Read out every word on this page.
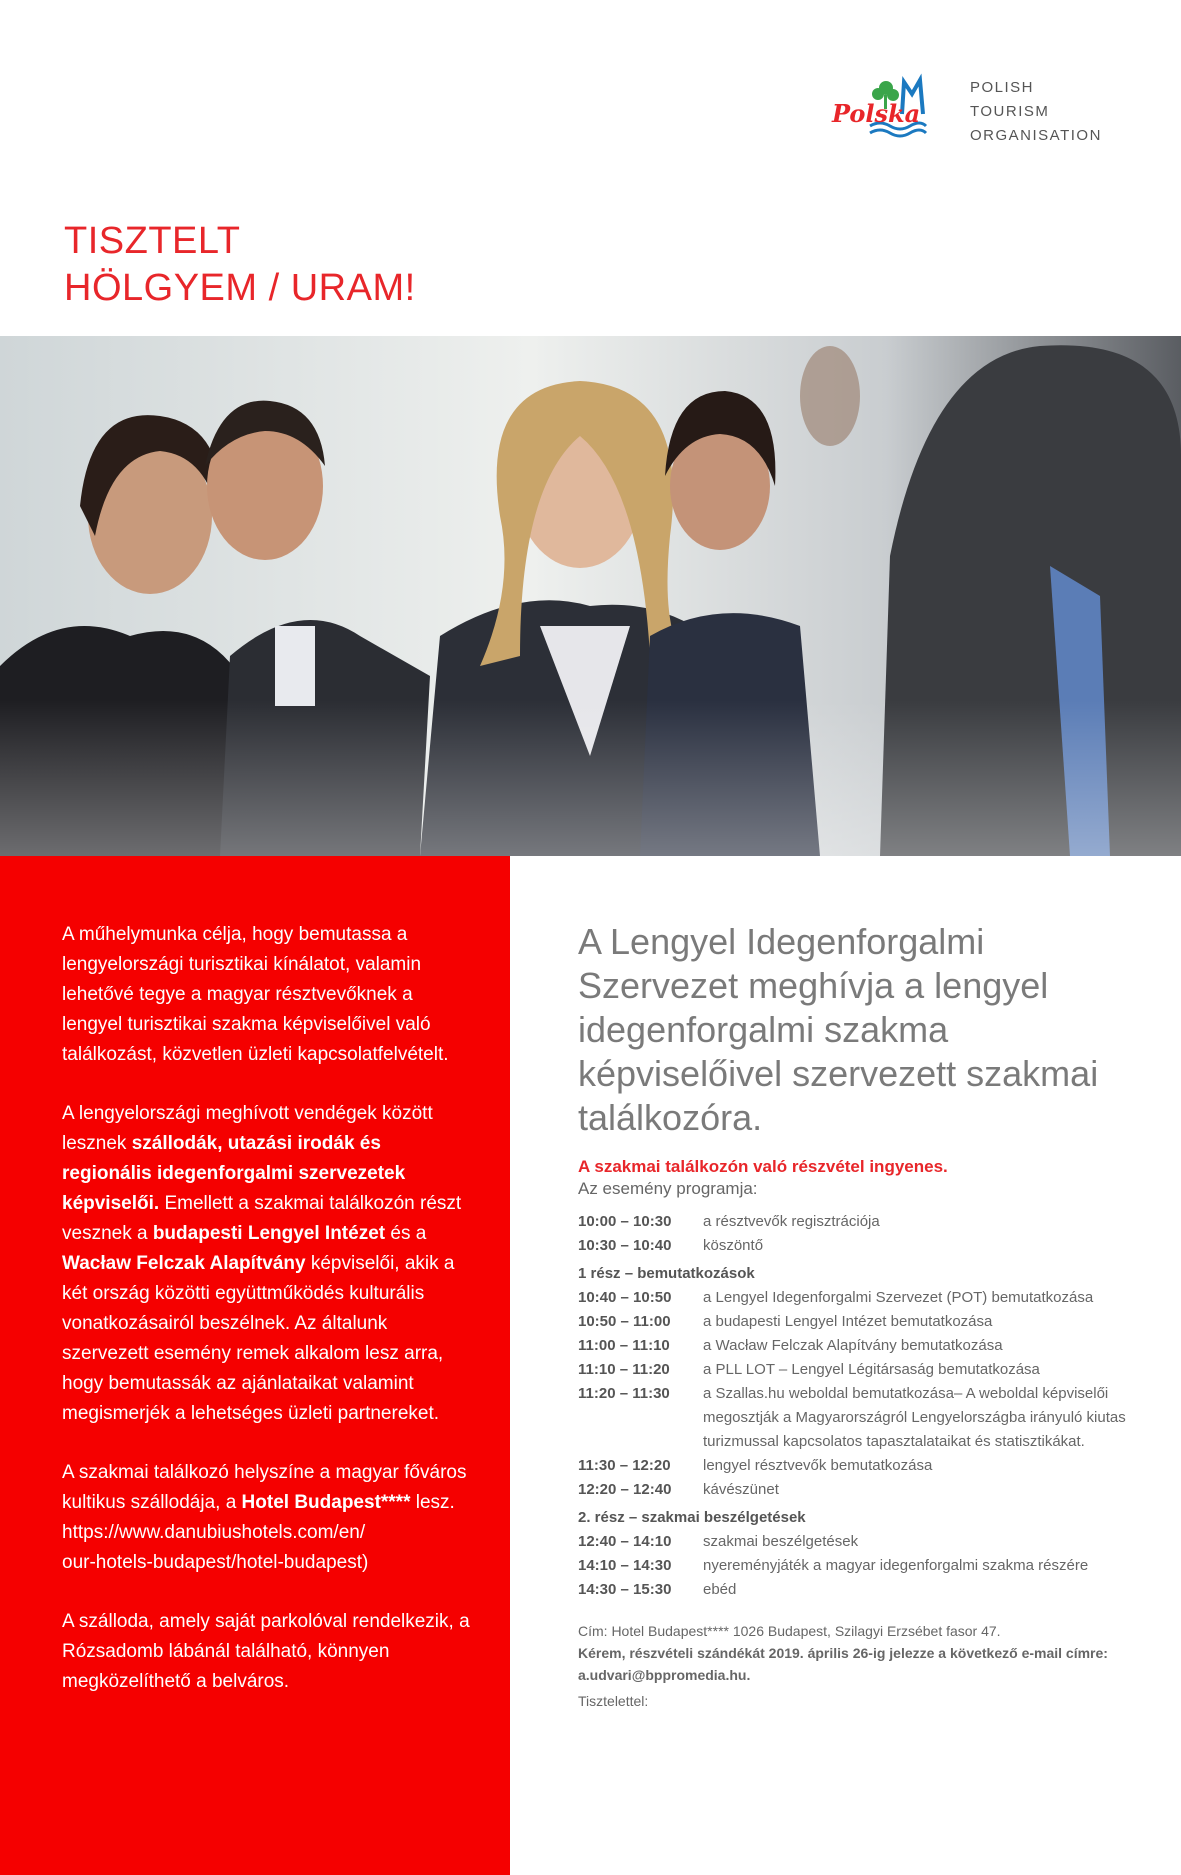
Polska
POLISH
TOURISM
ORGANISATION
TISZTELT
HÖLGYEM / URAM!

A műhelymunka célja, hogy bemutassa a lengyelországi turisztikai kínálatot, valamin lehetővé tegye a magyar résztvevőknek a lengyel turisztikai szakma képviselőivel való találkozást, közvetlen üzleti kapcsolatfelvételt.

A lengyelországi meghívott vendégek között lesznek szállodák, utazási irodák és regionális idegenforgalmi szervezetek képviselői. Emellett a szakmai találkozón részt vesznek a budapesti Lengyel Intézet és a Wacław Felczak Alapítvány képviselői, akik a két ország közötti együttműködés kulturális vonatkozásairól beszélnek. Az általunk szervezett esemény remek alkalom lesz arra, hogy bemutassák az ajánlataikat valamint megismerjék a lehetséges üzleti partnereket.

A szakmai találkozó helyszíne a magyar főváros kultikus szállodája, a Hotel Budapest**** lesz.
https://www.danubiushotels.com/en/
our-hotels-budapest/hotel-budapest)

A szálloda, amely saját parkolóval rendelkezik, a Rózsadomb lábánál található, könnyen megközelíthető a belváros.

A Lengyel Idegenforgalmi Szervezet meghívja a lengyel idegenforgalmi szakma képviselőivel szervezett szakmai találkozóra.
A szakmai találkozón való részvétel ingyenes.
Az esemény programja:
10:00 – 10:30	a résztvevők regisztrációja
10:30 – 10:40	köszöntő
1 rész – bemutatkozások
10:40 – 10:50	a Lengyel Idegenforgalmi Szervezet (POT) bemutatkozása
10:50 – 11:00	a budapesti Lengyel Intézet bemutatkozása
11:00 – 11:10	a Wacław Felczak Alapítvány bemutatkozása
11:10 – 11:20	a PLL LOT – Lengyel Légitársaság bemutatkozása
11:20 – 11:30	a Szallas.hu weboldal bemutatkozása– A weboldal képviselői megosztják a Magyarországról Lengyelországba irányuló kiutas turizmussal kapcsolatos tapasztalataikat és statisztikákat.
11:30 – 12:20	lengyel résztvevők bemutatkozása
12:20 – 12:40	kávészünet
2. rész – szakmai beszélgetések
12:40 – 14:10	szakmai beszélgetések
14:10 – 14:30	nyereményjáték a magyar idegenforgalmi szakma részére
14:30 – 15:30	ebéd
Cím: Hotel Budapest**** 1026 Budapest, Szilagyi Erzsébet fasor 47.
Kérem, részvételi szándékát 2019. április 26-ig jelezze a következő e-mail címre:
a.udvari@bppromedia.hu.
Tisztelettel:
